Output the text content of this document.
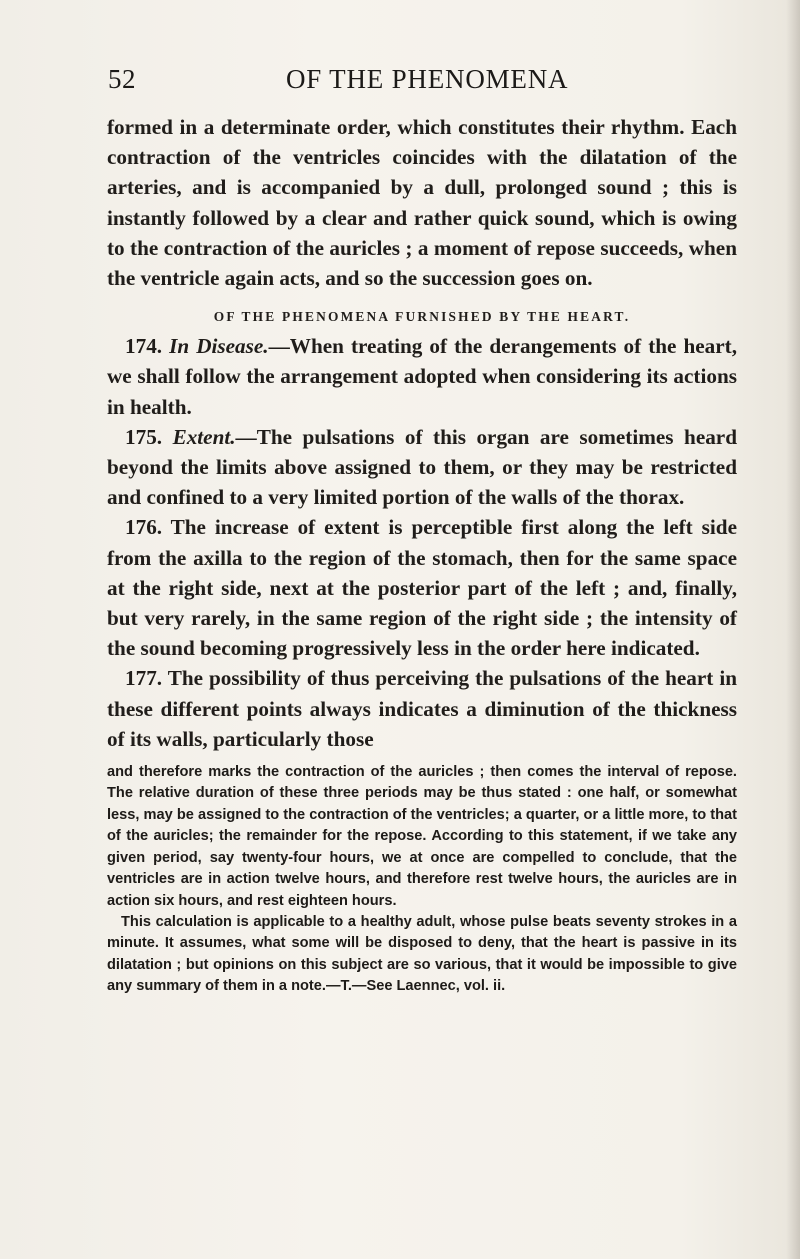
52	OF THE PHENOMENA

formed in a determinate order, which constitutes their rhythm. Each contraction of the ventricles coincides with the dilatation of the arteries, and is accompanied by a dull, prolonged sound ; this is instantly followed by a clear and rather quick sound, which is owing to the contraction of the auricles ; a moment of repose succeeds, when the ventricle again acts, and so the succession goes on.

OF THE PHENOMENA FURNISHED BY THE HEART.

174. In Disease.—When treating of the derangements of the heart, we shall follow the arrangement adopted when considering its actions in health.

175. Extent.—The pulsations of this organ are sometimes heard beyond the limits above assigned to them, or they may be restricted and confined to a very limited portion of the walls of the thorax.

176. The increase of extent is perceptible first along the left side from the axilla to the region of the stomach, then for the same space at the right side, next at the posterior part of the left ; and, finally, but very rarely, in the same region of the right side ; the intensity of the sound becoming progressively less in the order here indicated.

177. The possibility of thus perceiving the pulsations of the heart in these different points always indicates a diminution of the thickness of its walls, particularly those

and therefore marks the contraction of the auricles ; then comes the interval of repose. The relative duration of these three periods may be thus stated : one half, or somewhat less, may be assigned to the contraction of the ventricles; a quarter, or a little more, to that of the auricles; the remainder for the repose. According to this statement, if we take any given period, say twenty-four hours, we at once are compelled to conclude, that the ventricles are in action twelve hours, and therefore rest twelve hours, the auricles are in action six hours, and rest eighteen hours.

This calculation is applicable to a healthy adult, whose pulse beats seventy strokes in a minute. It assumes, what some will be disposed to deny, that the heart is passive in its dilatation ; but opinions on this subject are so various, that it would be impossible to give any summary of them in a note.—T.—See Laennec, vol. ii.
